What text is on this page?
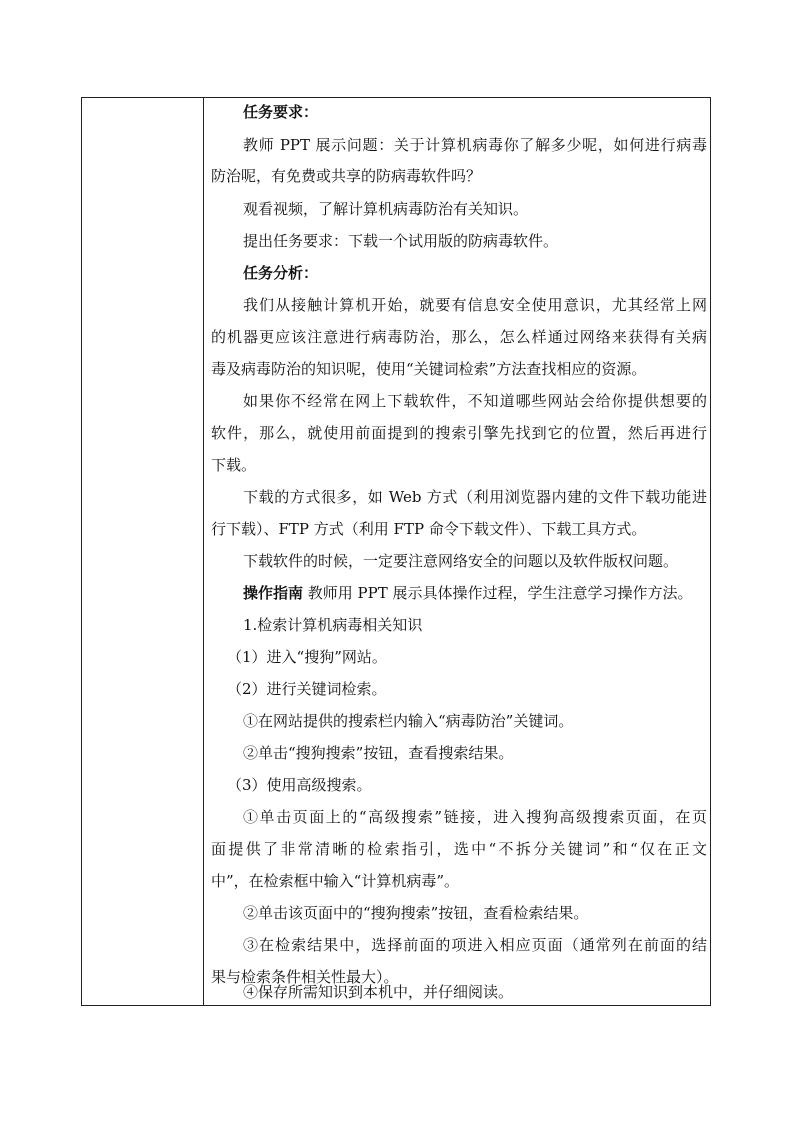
任务要求：
教师 PPT 展示问题：关于计算机病毒你了解多少呢，如何进行病毒
防治呢，有免费或共享的防病毒软件吗？
观看视频，了解计算机病毒防治有关知识。
提出任务要求：下载一个试用版的防病毒软件。
任务分析：
我们从接触计算机开始，就要有信息安全使用意识，尤其经常上网
的机器更应该注意进行病毒防治，那么，怎么样通过网络来获得有关病
毒及病毒防治的知识呢，使用“关键词检索”方法查找相应的资源。
如果你不经常在网上下载软件，不知道哪些网站会给你提供想要的
软件，那么，就使用前面提到的搜索引擎先找到它的位置，然后再进行
下载。
下载的方式很多，如 Web 方式（利用浏览器内建的文件下载功能进
行下载）、FTP 方式（利用 FTP 命令下载文件）、下载工具方式。
下载软件的时候，一定要注意网络安全的问题以及软件版权问题。
操作指南 教师用 PPT 展示具体操作过程，学生注意学习操作方法。
1.检索计算机病毒相关知识
（1）进入“搜狗”网站。
（2）进行关键词检索。
①在网站提供的搜索栏内输入“病毒防治”关键词。
②单击“搜狗搜索”按钮，查看搜索结果。
（3）使用高级搜索。
①单击页面上的“高级搜索”链接，进入搜狗高级搜索页面，在页
面提供了非常清晰的检索指引，选中“不拆分关键词”和“仅在正文
中”，在检索框中输入“计算机病毒”。
②单击该页面中的“搜狗搜索”按钮，查看检索结果。
③在检索结果中，选择前面的项进入相应页面（通常列在前面的结
果与检索条件相关性最大）。
④保存所需知识到本机中，并仔细阅读。
